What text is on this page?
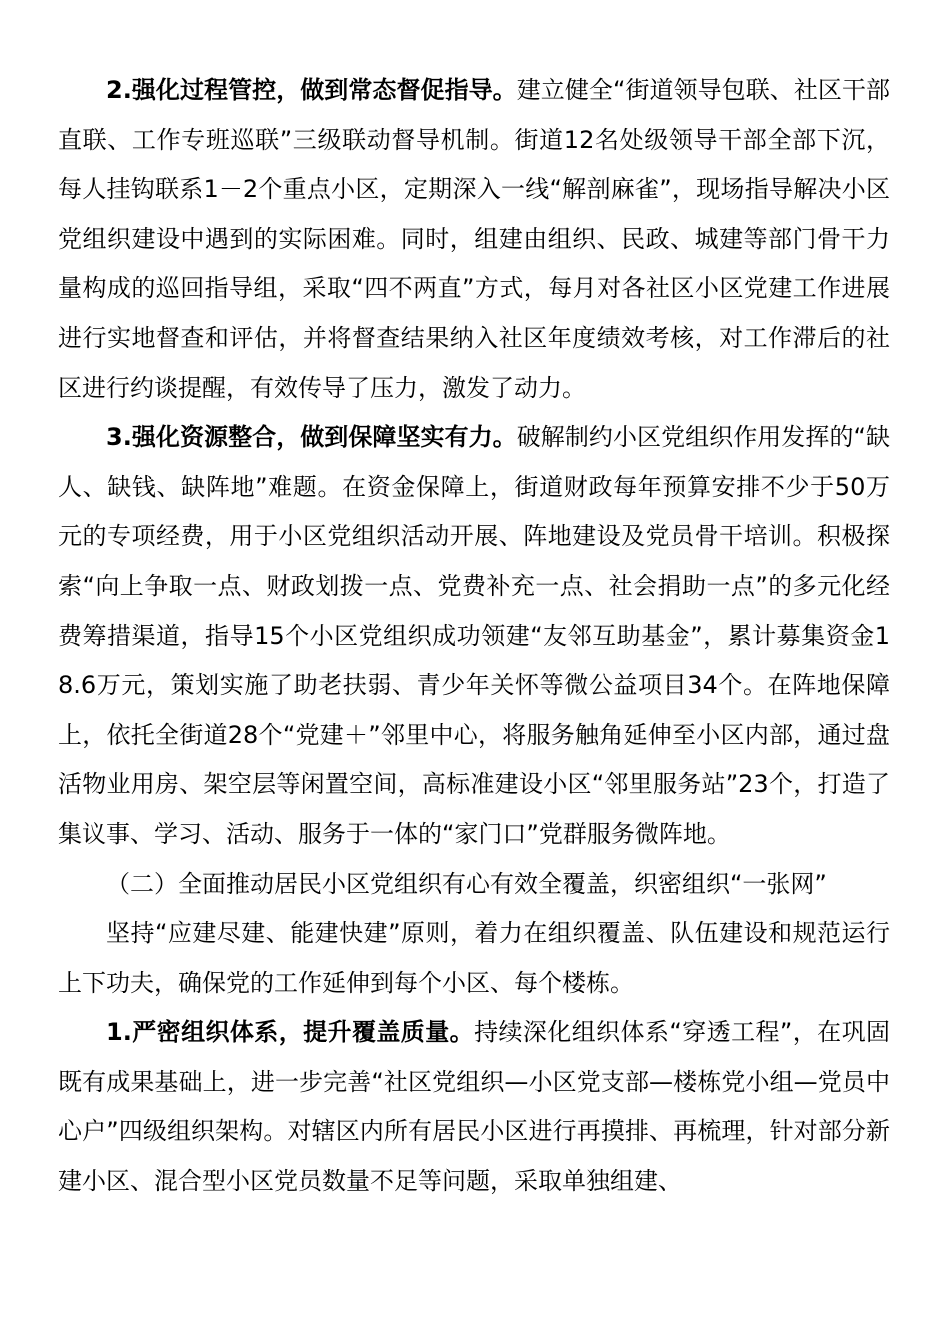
2.强化过程管控，做到常态督促指导。建立健全“街道领导包联、社区干部直联、工作专班巡联”三级联动督导机制。街道12名处级领导干部全部下沉，每人挂钩联系1－2个重点小区，定期深入一线“解剖麻雀”，现场指导解决小区党组织建设中遇到的实际困难。同时，组建由组织、民政、城建等部门骨干力量构成的巡回指导组，采取“四不两直”方式，每月对各社区小区党建工作进展进行实地督查和评估，并将督查结果纳入社区年度绩效考核，对工作滞后的社区进行约谈提醒，有效传导了压力，激发了动力。

3.强化资源整合，做到保障坚实有力。破解制约小区党组织作用发挥的“缺人、缺钱、缺阵地”难题。在资金保障上，街道财政每年预算安排不少于50万元的专项经费，用于小区党组织活动开展、阵地建设及党员骨干培训。积极探索“向上争取一点、财政划拨一点、党费补充一点、社会捐助一点”的多元化经费筹措渠道，指导15个小区党组织成功领建“友邻互助基金”，累计募集资金18.6万元，策划实施了助老扶弱、青少年关怀等微公益项目34个。在阵地保障上，依托全街道28个“党建＋”邻里中心，将服务触角延伸至小区内部，通过盘活物业用房、架空层等闲置空间，高标准建设小区“邻里服务站”23个，打造了集议事、学习、活动、服务于一体的“家门口”党群服务微阵地。

（二）全面推动居民小区党组织有心有效全覆盖，织密组织“一张网”

坚持“应建尽建、能建快建”原则，着力在组织覆盖、队伍建设和规范运行上下功夫，确保党的工作延伸到每个小区、每个楼栋。

1.严密组织体系，提升覆盖质量。持续深化组织体系“穿透工程”，在巩固既有成果基础上，进一步完善“社区党组织—小区党支部—楼栋党小组—党员中心户”四级组织架构。对辖区内所有居民小区进行再摸排、再梳理，针对部分新建小区、混合型小区党员数量不足等问题，采取单独组建、
